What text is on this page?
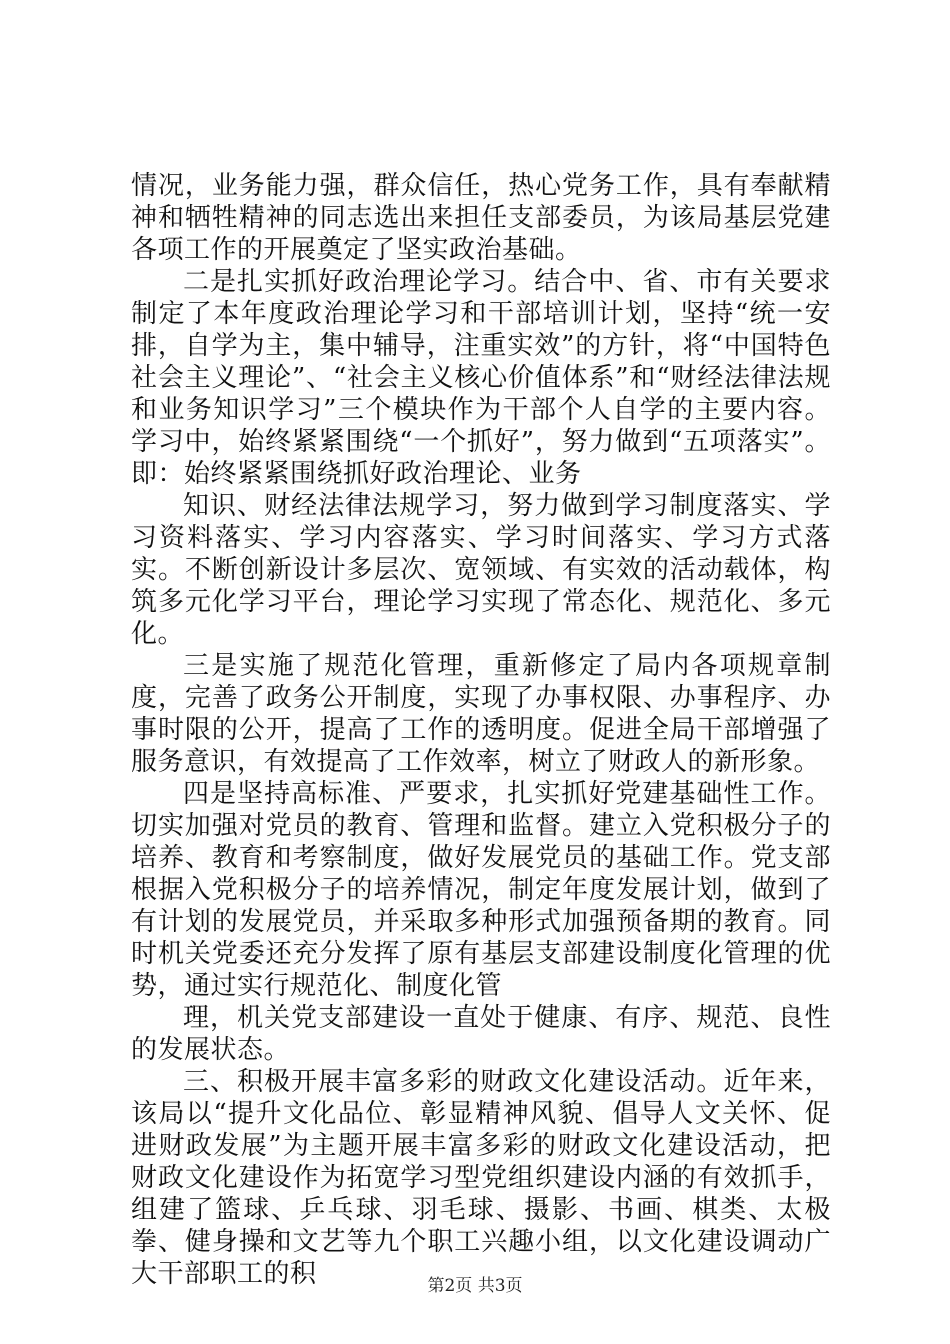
情况，业务能力强，群众信任，热心党务工作，具有奉献精神和牺牲精神的同志选出来担任支部委员，为该局基层党建各项工作的开展奠定了坚实政治基础。

二是扎实抓好政治理论学习。结合中、省、市有关要求制定了本年度政治理论学习和干部培训计划，坚持“统一安排，自学为主，集中辅导，注重实效”的方针，将“中国特色社会主义理论”、“社会主义核心价值体系”和“财经法律法规和业务知识学习”三个模块作为干部个人自学的主要内容。学习中，始终紧紧围绕“一个抓好”，努力做到“五项落实”。即：始终紧紧围绕抓好政治理论、业务

知识、财经法律法规学习，努力做到学习制度落实、学习资料落实、学习内容落实、学习时间落实、学习方式落实。不断创新设计多层次、宽领域、有实效的活动载体，构筑多元化学习平台，理论学习实现了常态化、规范化、多元化。

三是实施了规范化管理，重新修定了局内各项规章制度，完善了政务公开制度，实现了办事权限、办事程序、办事时限的公开，提高了工作的透明度。促进全局干部增强了服务意识，有效提高了工作效率，树立了财政人的新形象。

四是坚持高标准、严要求，扎实抓好党建基础性工作。切实加强对党员的教育、管理和监督。建立入党积极分子的培养、教育和考察制度，做好发展党员的基础工作。党支部根据入党积极分子的培养情况，制定年度发展计划，做到了有计划的发展党员，并采取多种形式加强预备期的教育。同时机关党委还充分发挥了原有基层支部建设制度化管理的优势，通过实行规范化、制度化管

理，机关党支部建设一直处于健康、有序、规范、良性的发展状态。

三、积极开展丰富多彩的财政文化建设活动。近年来，该局以“提升文化品位、彰显精神风貌、倡导人文关怀、促进财政发展”为主题开展丰富多彩的财政文化建设活动，把财政文化建设作为拓宽学习型党组织建设内涵的有效抓手，组建了篮球、乒乓球、羽毛球、摄影、书画、棋类、太极拳、健身操和文艺等九个职工兴趣小组，以文化建设调动广大干部职工的积	第2页 共3页
